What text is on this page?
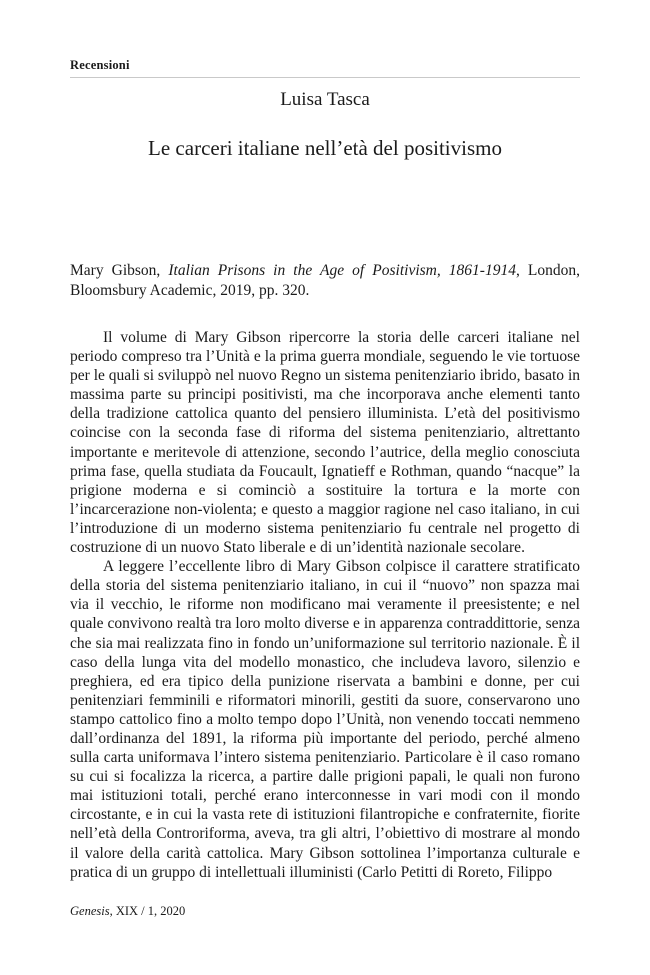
Recensioni
Luisa Tasca
Le carceri italiane nell’età del positivismo
Mary Gibson, Italian Prisons in the Age of Positivism, 1861-1914, London, Bloomsbury Academic, 2019, pp. 320.

Il volume di Mary Gibson ripercorre la storia delle carceri italiane nel periodo compreso tra l’Unità e la prima guerra mondiale, seguendo le vie tortuose per le quali si sviluppò nel nuovo Regno un sistema penitenziario ibrido, basato in massima parte su principi positivisti, ma che incorporava anche elementi tanto della tradizione cattolica quanto del pensiero illuminista. L’età del positivismo coincise con la seconda fase di riforma del sistema penitenziario, altrettanto importante e meritevole di attenzione, secondo l’autrice, della meglio conosciuta prima fase, quella studiata da Foucault, Ignatieff e Rothman, quando “nacque” la prigione moderna e si cominciò a sostituire la tortura e la morte con l’incarcerazione non-violenta; e questo a maggior ragione nel caso italiano, in cui l’introduzione di un moderno sistema penitenziario fu centrale nel progetto di costruzione di un nuovo Stato liberale e di un’identità nazionale secolare.

A leggere l’eccellente libro di Mary Gibson colpisce il carattere stratificato della storia del sistema penitenziario italiano, in cui il “nuovo” non spazza mai via il vecchio, le riforme non modificano mai veramente il preesistente; e nel quale convivono realtà tra loro molto diverse e in apparenza contraddittorie, senza che sia mai realizzata fino in fondo un’uniformazione sul territorio nazionale. È il caso della lunga vita del modello monastico, che includeva lavoro, silenzio e preghiera, ed era tipico della punizione riservata a bambini e donne, per cui penitenziari femminili e riformatori minorili, gestiti da suore, conservarono uno stampo cattolico fino a molto tempo dopo l’Unità, non venendo toccati nemmeno dall’ordinanza del 1891, la riforma più importante del periodo, perché almeno sulla carta uniformava l’intero sistema penitenziario. Particolare è il caso romano su cui si focalizza la ricerca, a partire dalle prigioni papali, le quali non furono mai istituzioni totali, perché erano interconnesse in vari modi con il mondo circostante, e in cui la vasta rete di istituzioni filantropiche e confraternite, fiorite nell’età della Controriforma, aveva, tra gli altri, l’obiettivo di mostrare al mondo il valore della carità cattolica. Mary Gibson sottolinea l’importanza culturale e pratica di un gruppo di intellettuali illuministi (Carlo Petitti di Roreto, Filippo

Genesis, XIX / 1, 2020
